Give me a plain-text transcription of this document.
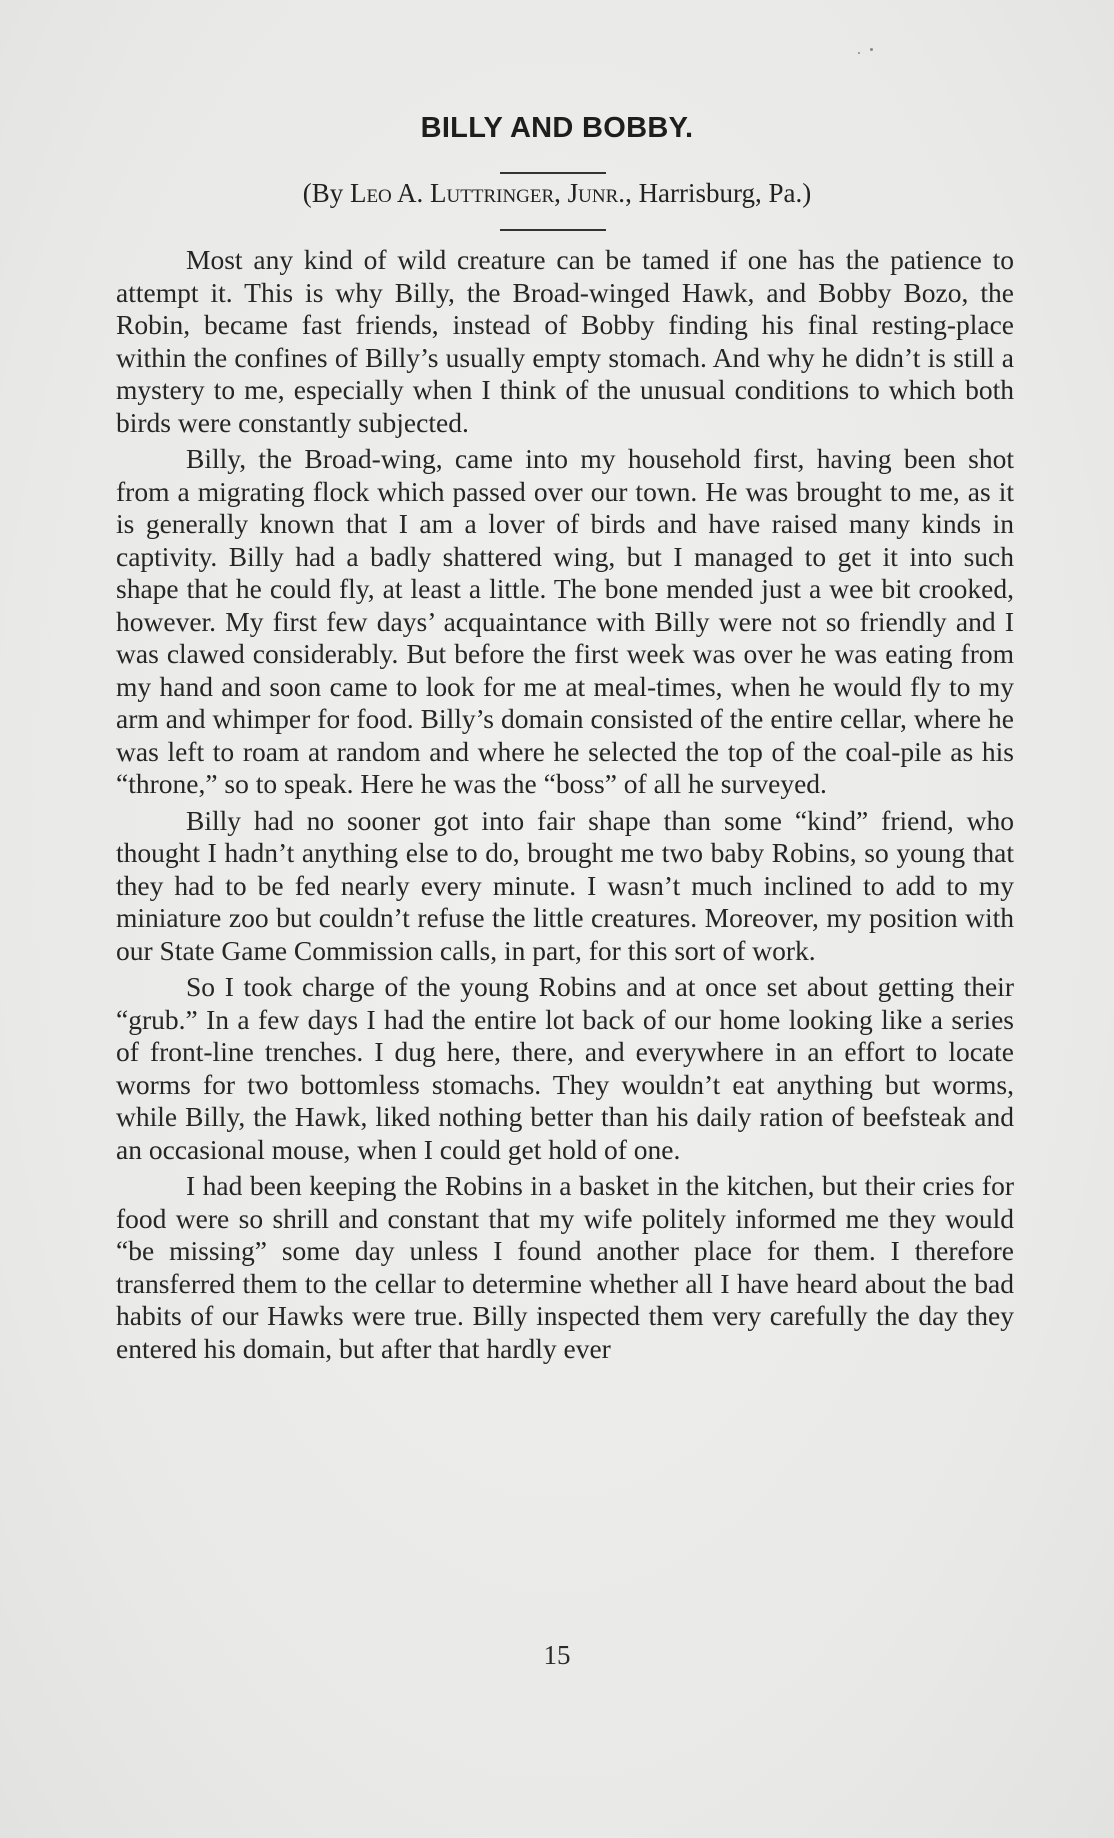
BILLY AND BOBBY.
(By Leo A. Luttringer, Junr., Harrisburg, Pa.)

Most any kind of wild creature can be tamed if one has the patience to attempt it. This is why Billy, the Broad-winged Hawk, and Bobby Bozo, the Robin, became fast friends, instead of Bobby finding his final resting-place within the confines of Billy’s usually empty stomach. And why he didn’t is still a mystery to me, especially when I think of the unusual conditions to which both birds were constantly subjected.

Billy, the Broad-wing, came into my household first, having been shot from a migrating flock which passed over our town. He was brought to me, as it is generally known that I am a lover of birds and have raised many kinds in captivity. Billy had a badly shattered wing, but I managed to get it into such shape that he could fly, at least a little. The bone mended just a wee bit crooked, however. My first few days’ acquaintance with Billy were not so friendly and I was clawed considerably. But before the first week was over he was eating from my hand and soon came to look for me at meal-times, when he would fly to my arm and whimper for food. Billy’s domain consisted of the entire cellar, where he was left to roam at random and where he selected the top of the coal-pile as his “throne,” so to speak. Here he was the “boss” of all he surveyed.

Billy had no sooner got into fair shape than some “kind” friend, who thought I hadn’t anything else to do, brought me two baby Robins, so young that they had to be fed nearly every minute. I wasn’t much inclined to add to my miniature zoo but couldn’t refuse the little creatures. Moreover, my position with our State Game Commission calls, in part, for this sort of work.

So I took charge of the young Robins and at once set about getting their “grub.” In a few days I had the entire lot back of our home looking like a series of front-line trenches. I dug here, there, and everywhere in an effort to locate worms for two bottomless stomachs. They wouldn’t eat anything but worms, while Billy, the Hawk, liked nothing better than his daily ration of beefsteak and an occasional mouse, when I could get hold of one.

I had been keeping the Robins in a basket in the kitchen, but their cries for food were so shrill and constant that my wife politely informed me they would “be missing” some day unless I found another place for them. I therefore transferred them to the cellar to determine whether all I have heard about the bad habits of our Hawks were true. Billy inspected them very carefully the day they entered his domain, but after that hardly ever

15
